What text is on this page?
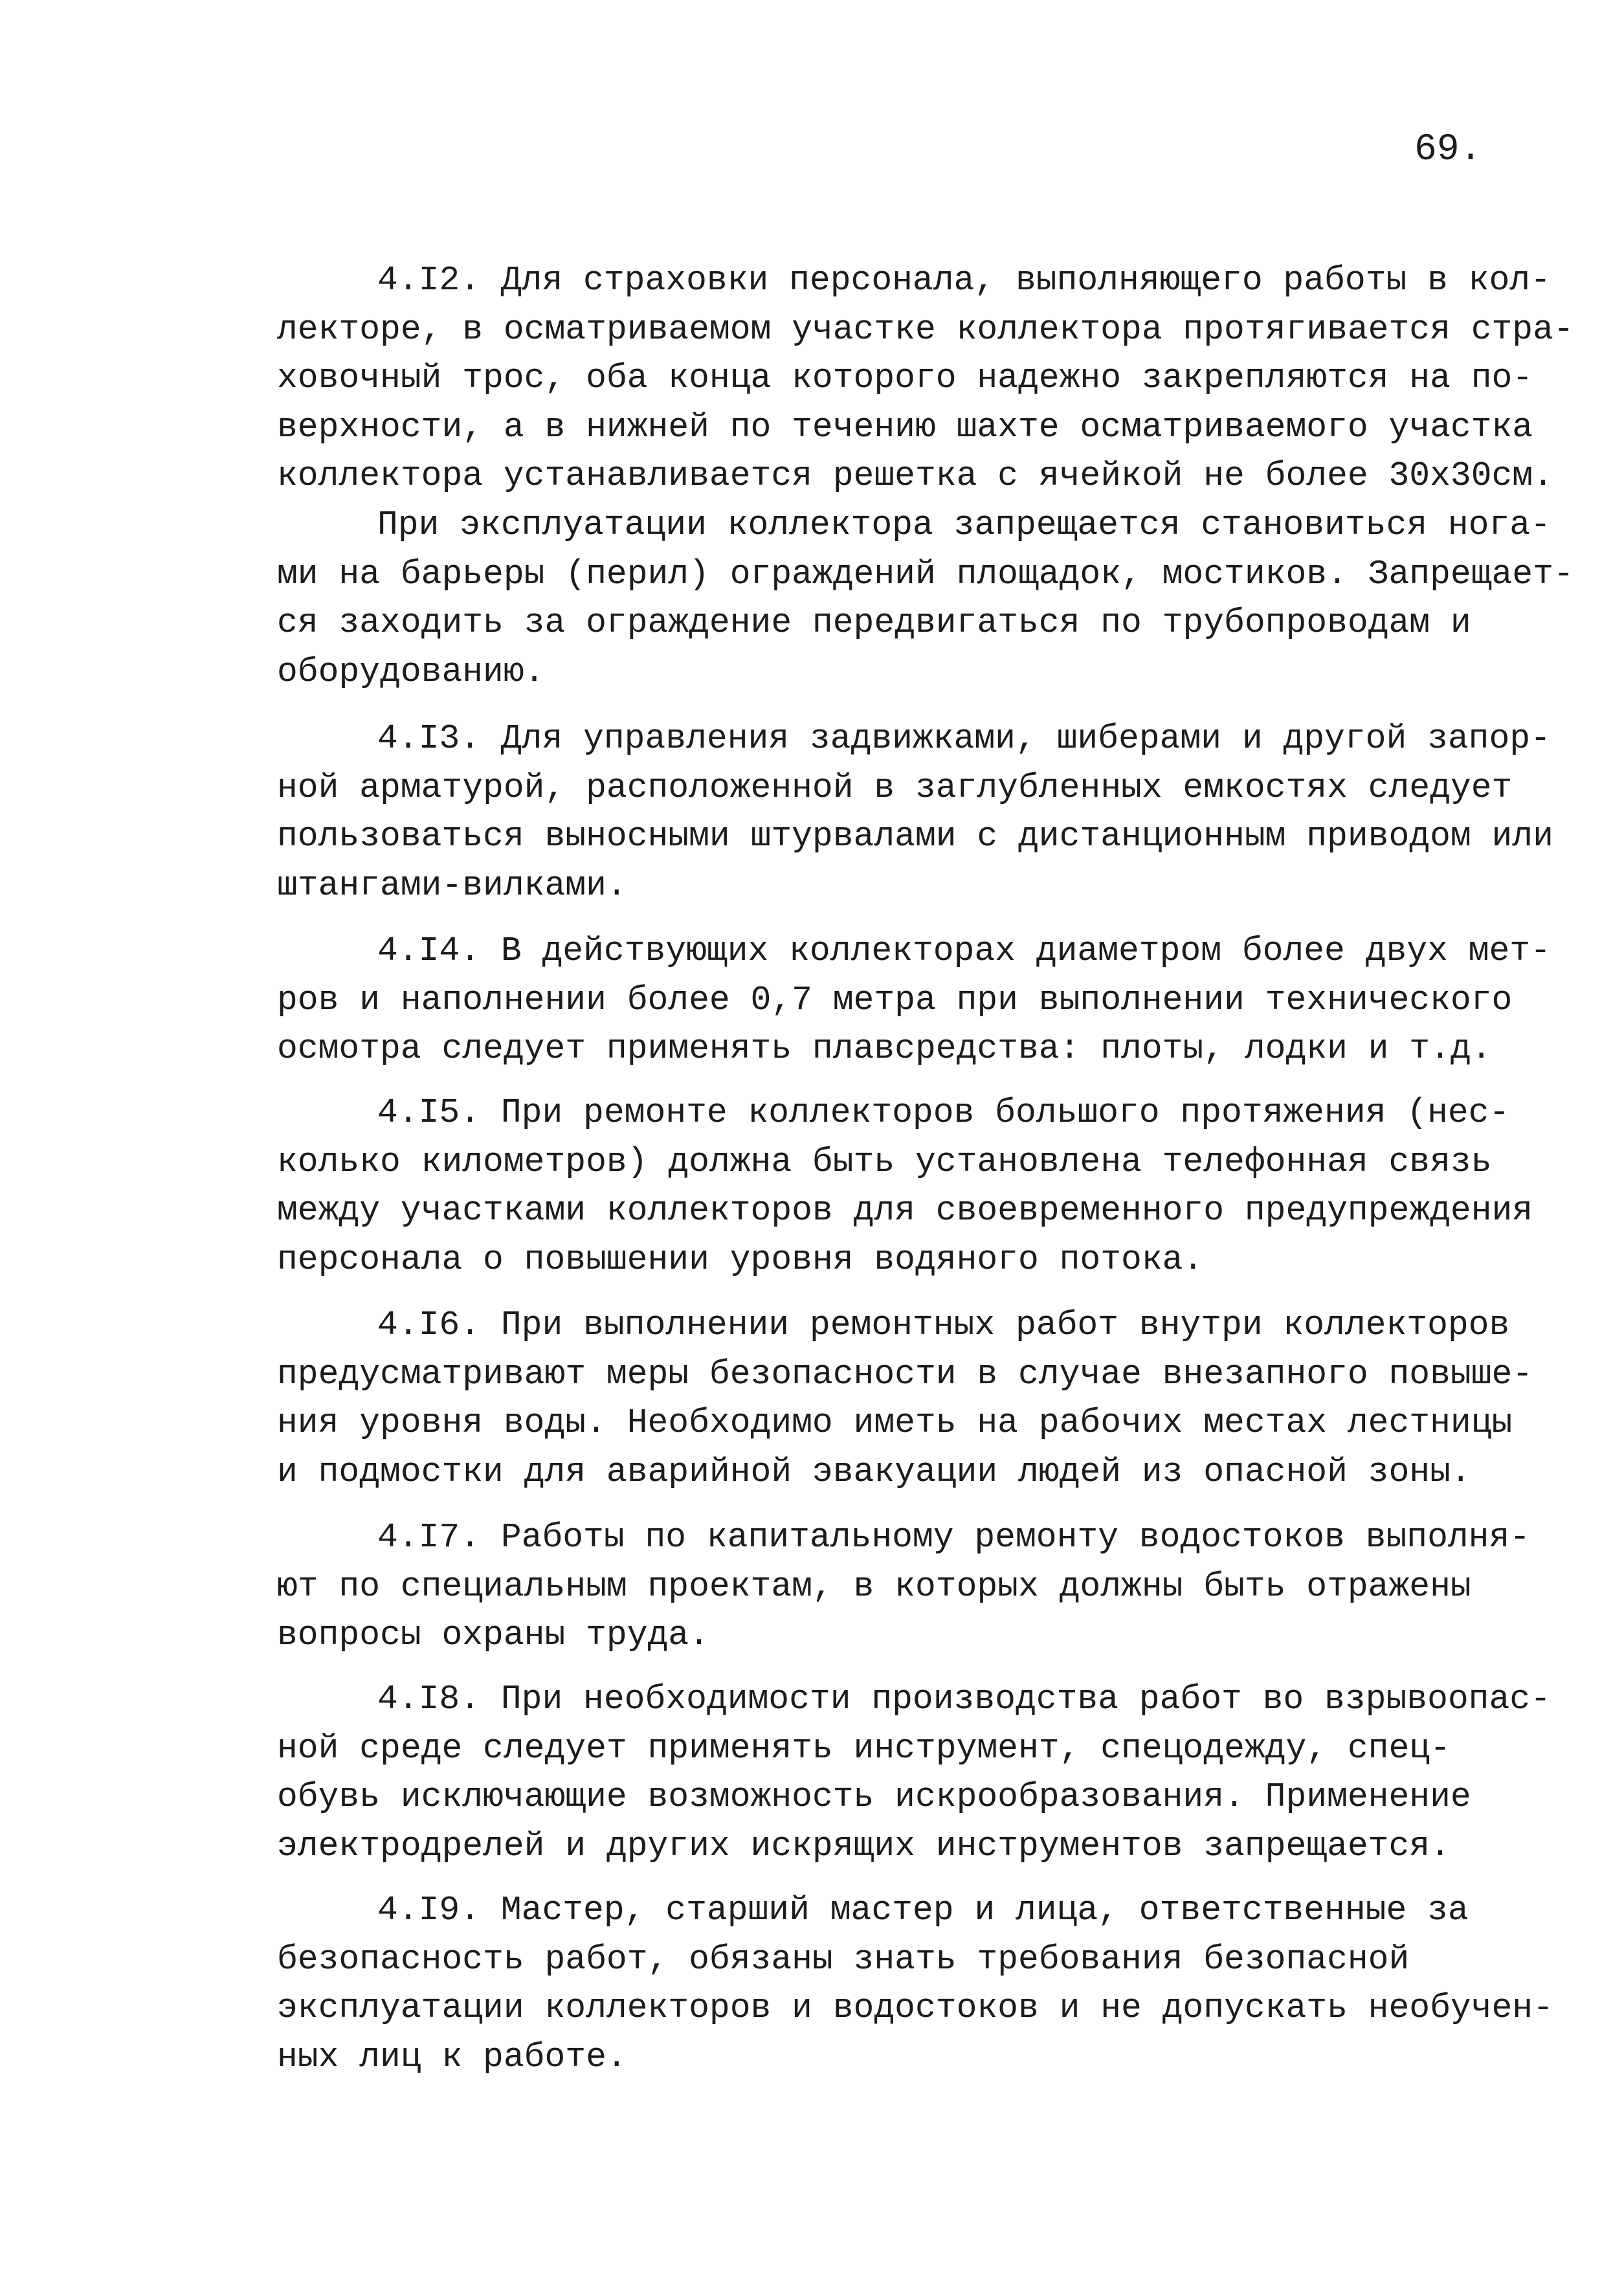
69.
4.I2. Для страховки персонала, выполняющего работы в кол-
лекторе, в осматриваемом участке коллектора протягивается стра-
ховочный трос, оба конца которого надежно закрепляются на по-
верхности, а в нижней по течению шахте осматриваемого участка
коллектора устанавливается решетка с ячейкой не более 30х30см.
При эксплуатации коллектора запрещается становиться нога-
ми на барьеры (перил) ограждений площадок, мостиков. Запрещает-
ся заходить за ограждение передвигаться по трубопроводам и
оборудованию.
4.I3. Для управления задвижками, шиберами и другой запор-
ной арматурой, расположенной в заглубленных емкостях следует
пользоваться выносными штурвалами с дистанционным приводом или
штангами-вилками.
4.I4. В действующих коллекторах диаметром более двух мет-
ров и наполнении более 0,7 метра при выполнении технического
осмотра следует применять плавсредства: плоты, лодки и т.д.
4.I5. При ремонте коллекторов большого протяжения (нес-
колько километров) должна быть установлена телефонная связь
между участками коллекторов для своевременного предупреждения
персонала о повышении уровня водяного потока.
4.I6. При выполнении ремонтных работ внутри коллекторов
предусматривают меры безопасности в случае внезапного повыше-
ния уровня воды. Необходимо иметь на рабочих местах лестницы
и подмостки для аварийной эвакуации людей из опасной зоны.
4.I7. Работы по капитальному ремонту водостоков выполня-
ют по специальным проектам, в которых должны быть отражены
вопросы охраны труда.
4.I8. При необходимости производства работ во взрывоопас-
ной среде следует применять инструмент, спецодежду, спец-
обувь исключающие возможность искрообразования. Применение
электродрелей и других искрящих инструментов запрещается.
4.I9. Мастер, старший мастер и лица, ответственные за
безопасность работ, обязаны знать требования безопасной
эксплуатации коллекторов и водостоков и не допускать необучен-
ных лиц к работе.
